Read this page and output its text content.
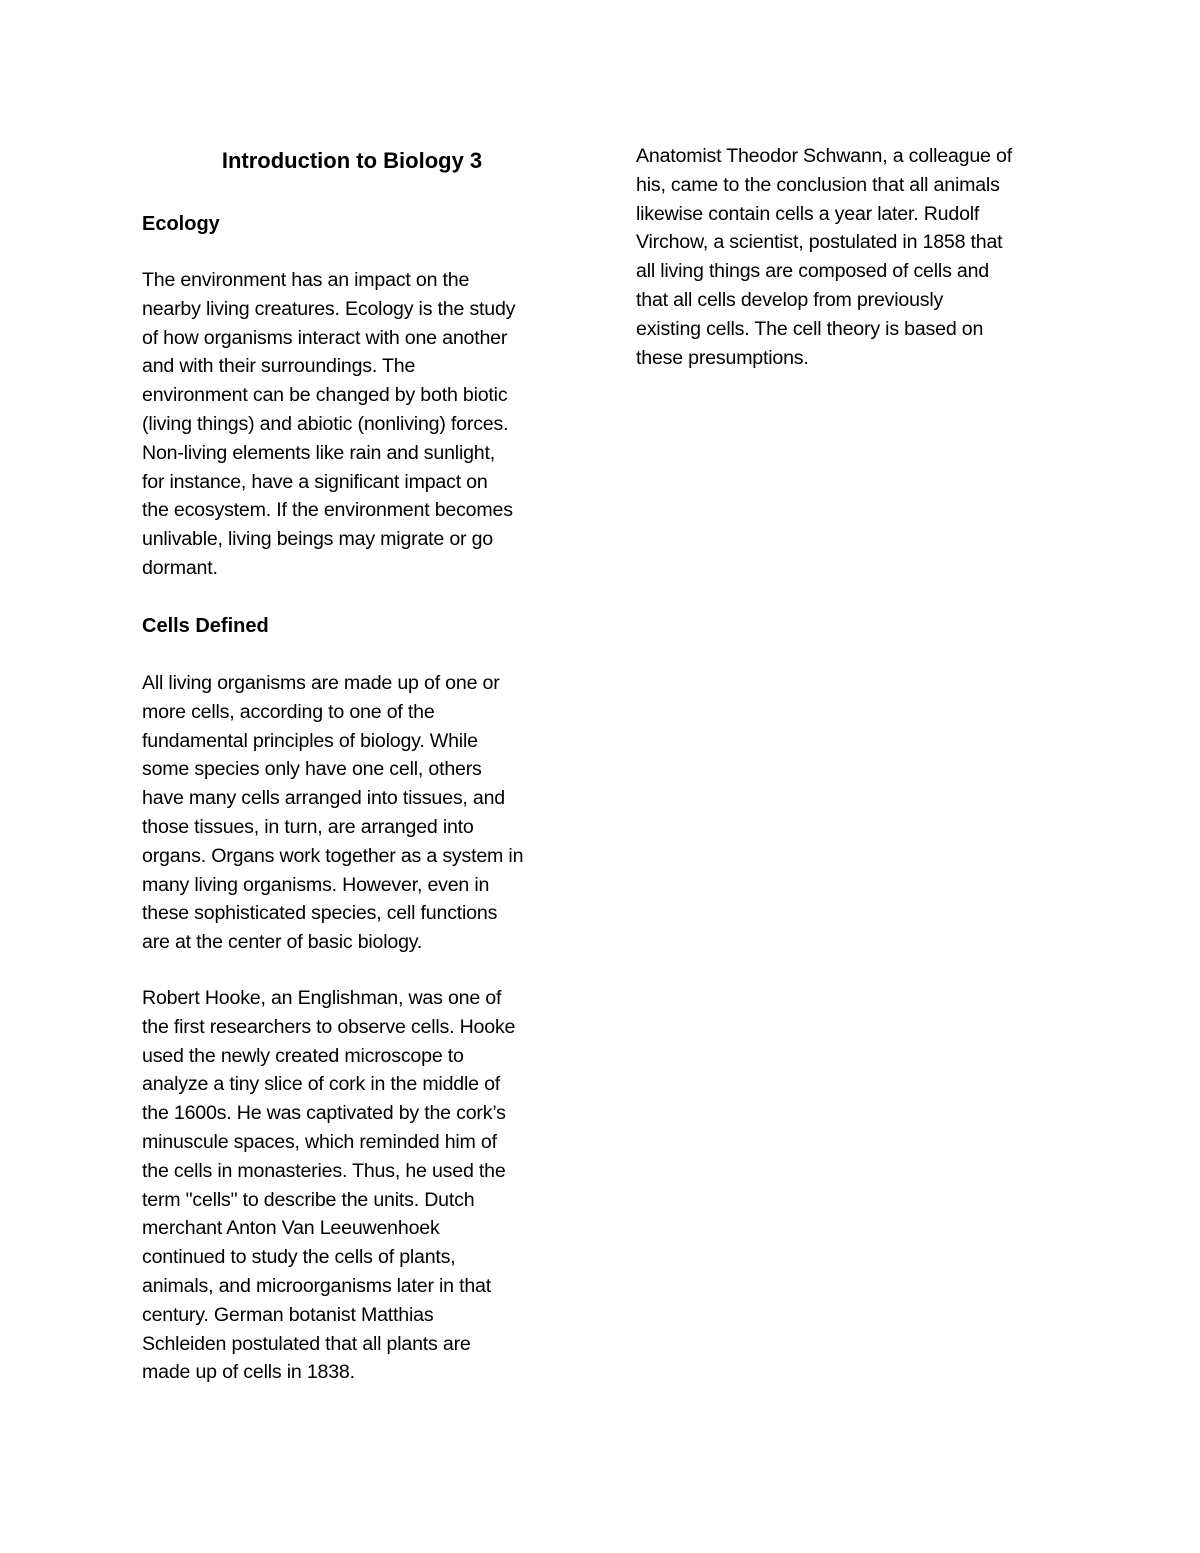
Introduction to Biology 3
Ecology

The environment has an impact on the
nearby living creatures. Ecology is the study
of how organisms interact with one another
and with their surroundings. The
environment can be changed by both biotic
(living things) and abiotic (nonliving) forces.
Non-living elements like rain and sunlight,
for instance, have a significant impact on
the ecosystem. If the environment becomes
unlivable, living beings may migrate or go
dormant.

Cells Defined

All living organisms are made up of one or
more cells, according to one of the
fundamental principles of biology. While
some species only have one cell, others
have many cells arranged into tissues, and
those tissues, in turn, are arranged into
organs. Organs work together as a system in
many living organisms. However, even in
these sophisticated species, cell functions
are at the center of basic biology.

Robert Hooke, an Englishman, was one of
the first researchers to observe cells. Hooke
used the newly created microscope to
analyze a tiny slice of cork in the middle of
the 1600s. He was captivated by the cork’s
minuscule spaces, which reminded him of
the cells in monasteries. Thus, he used the
term "cells" to describe the units. Dutch
merchant Anton Van Leeuwenhoek
continued to study the cells of plants,
animals, and microorganisms later in that
century. German botanist Matthias
Schleiden postulated that all plants are
made up of cells in 1838.

Anatomist Theodor Schwann, a colleague of
his, came to the conclusion that all animals
likewise contain cells a year later. Rudolf
Virchow, a scientist, postulated in 1858 that
all living things are composed of cells and
that all cells develop from previously
existing cells. The cell theory is based on
these presumptions.
